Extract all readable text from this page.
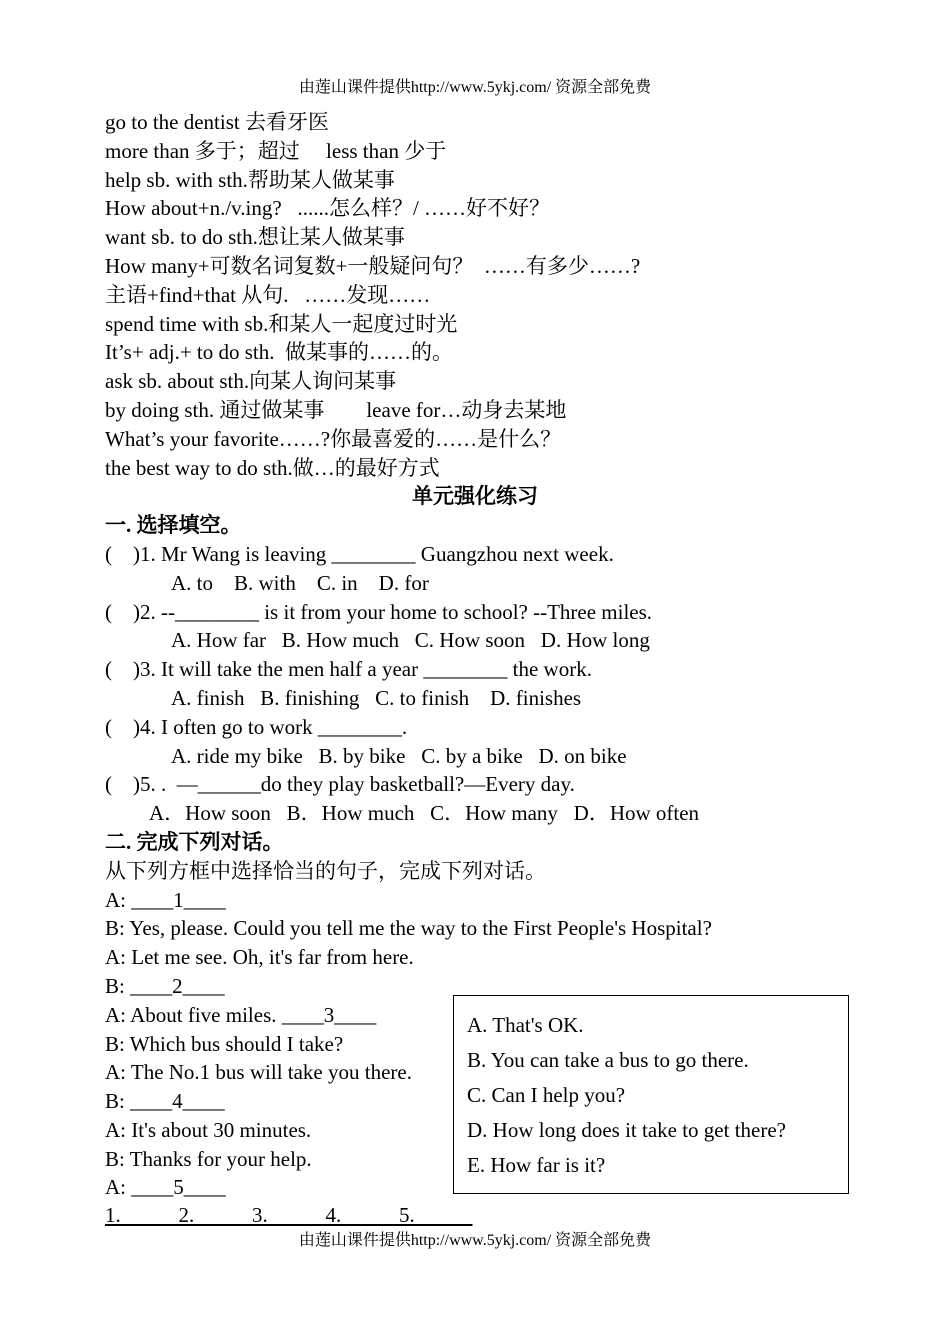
由莲山课件提供http://www.5ykj.com/ 资源全部免费
go to the dentist 去看牙医
more than 多于；超过     less than 少于
help sb. with sth.帮助某人做某事
How about+n./v.ing?   ......怎么样？/ ……好不好？
want sb. to do sth.想让某人做某事
How many+可数名词复数+一般疑问句？  ……有多少……?
主语+find+that 从句.   ……发现……
spend time with sb.和某人一起度过时光
It’s+ adj.+ to do sth.  做某事的……的。
ask sb. about sth.向某人询问某事
by doing sth. 通过做某事        leave for…动身去某地
What’s your favorite……?你最喜爱的……是什么？
the best way to do sth.做…的最好方式
单元强化练习
一. 选择填空。
(    )1. Mr Wang is leaving ________ Guangzhou next week.
A. to    B. with    C. in    D. for
(    )2. --________ is it from your home to school? --Three miles.
A. How far   B. How much   C. How soon   D. How long
(    )3. It will take the men half a year ________ the work.
A. finish   B. finishing   C. to finish    D. finishes
(    )4. I often go to work ________.
A. ride my bike   B. by bike   C. by a bike   D. on bike
(    )5. .  —______do they play basketball?—Every day.
A．How soon   B．How much   C．How many   D．How often
二. 完成下列对话。
从下列方框中选择恰当的句子，完成下列对话。
A: ____1____
B: Yes, please. Could you tell me the way to the First People's Hospital?
A: Let me see. Oh, it's far from here.
B: ____2____
A: About five miles. ____3____
B: Which bus should I take?
A: The No.1 bus will take you there.
B: ____4____
A: It's about 30 minutes.
B: Thanks for your help.
A: ____5____
A. That's OK.
B. You can take a bus to go there.
C. Can I help you?
D. How long does it take to get there?
E. How far is it?
1.           2.           3.           4.           5.
由莲山课件提供http://www.5ykj.com/ 资源全部免费
